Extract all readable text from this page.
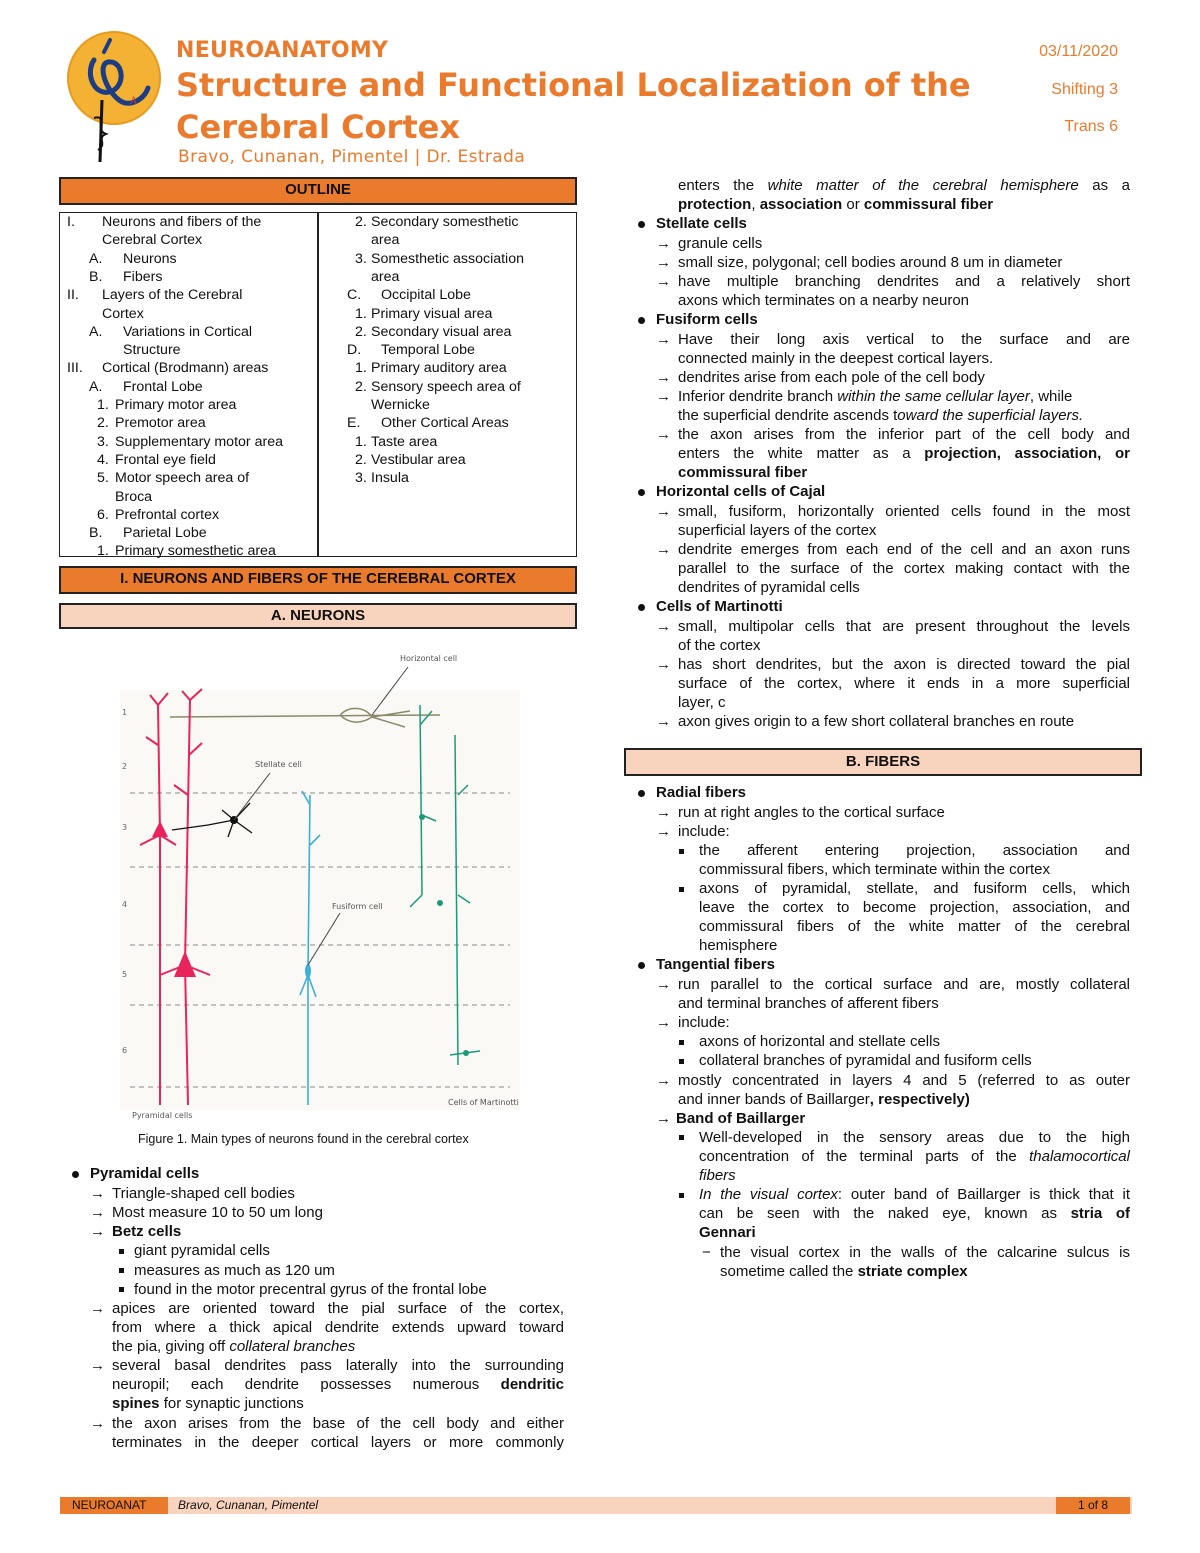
A
NEUROANATOMY
Structure and Functional Localization of the
Cerebral Cortex
Bravo, Cunanan, Pimentel | Dr. Estrada
03/11/2020
Shifting 3
Trans 6
OUTLINE
I. Neurons and fibers of the
Cerebral Cortex
A. Neurons
B. Fibers
II. Layers of the Cerebral
Cortex
A. Variations in Cortical
Structure
III. Cortical (Brodmann) areas
A. Frontal Lobe
1. Primary motor area
2. Premotor area
3. Supplementary motor area
4. Frontal eye field
5. Motor speech area of
Broca
6. Prefrontal cortex
B. Parietal Lobe
1. Primary somesthetic area
2. Secondary somesthetic
area
3. Somesthetic association
area
C. Occipital Lobe
1. Primary visual area
2. Secondary visual area
D. Temporal Lobe
1. Primary auditory area
2. Sensory speech area of
Wernicke
E. Other Cortical Areas
1. Taste area
2. Vestibular area
3. Insula
I. NEURONS AND FIBERS OF THE CEREBRAL CORTEX
A. NEURONS
1
2
3
4
5
6
Horizontal cell
Stellate cell
Fusiform cell
Pyramidal cells
Cells of Martinotti
Figure 1. Main types of neurons found in the cerebral cortex
Pyramidal cells
→ Triangle-shaped cell bodies
→ Most measure 10 to 50 um long
→ Betz cells
giant pyramidal cells
measures as much as 120 um
found in the motor precentral gyrus of the frontal lobe
→ apices are oriented toward the pial surface of the cortex,
from where a thick apical dendrite extends upward toward
the pia, giving off collateral branches
→ several basal dendrites pass laterally into the surrounding
neuropil; each dendrite possesses numerous dendritic
spines for synaptic junctions
→ the axon arises from the base of the cell body and either
terminates in the deeper cortical layers or more commonly
enters the white matter of the cerebral hemisphere as a
protection, association or commissural fiber
Stellate cells
→ granule cells
→ small size, polygonal; cell bodies around 8 um in diameter
→ have multiple branching dendrites and a relatively short
axons which terminates on a nearby neuron
Fusiform cells
→ Have their long axis vertical to the surface and are
connected mainly in the deepest cortical layers.
→ dendrites arise from each pole of the cell body
→ Inferior dendrite branch within the same cellular layer, while
the superficial dendrite ascends toward the superficial layers.
→ the axon arises from the inferior part of the cell body and
enters the white matter as a projection, association, or
commissural fiber
Horizontal cells of Cajal
→ small, fusiform, horizontally oriented cells found in the most
superficial layers of the cortex
→ dendrite emerges from each end of the cell and an axon runs
parallel to the surface of the cortex making contact with the
dendrites of pyramidal cells
Cells of Martinotti
→ small, multipolar cells that are present throughout the levels
of the cortex
→ has short dendrites, but the axon is directed toward the pial
surface of the cortex, where it ends in a more superficial
layer, c
→ axon gives origin to a few short collateral branches en route
B. FIBERS
Radial fibers
→ run at right angles to the cortical surface
→ include:
the afferent entering projection, association and
commissural fibers, which terminate within the cortex
axons of pyramidal, stellate, and fusiform cells, which
leave the cortex to become projection, association, and
commissural fibers of the white matter of the cerebral
hemisphere
Tangential fibers
→ run parallel to the cortical surface and are, mostly collateral
and terminal branches of afferent fibers
→ include:
axons of horizontal and stellate cells
collateral branches of pyramidal and fusiform cells
→ mostly concentrated in layers 4 and 5 (referred to as outer
and inner bands of Baillarger, respectively)
→ Band of Baillarger
Well-developed in the sensory areas due to the high
concentration of the terminal parts of the thalamocortical
fibers
In the visual cortex: outer band of Baillarger is thick that it
can be seen with the naked eye, known as stria of
Gennari
− the visual cortex in the walls of the calcarine sulcus is
sometime called the striate complex
NEUROANAT	Bravo, Cunanan, Pimentel	1 of 8
